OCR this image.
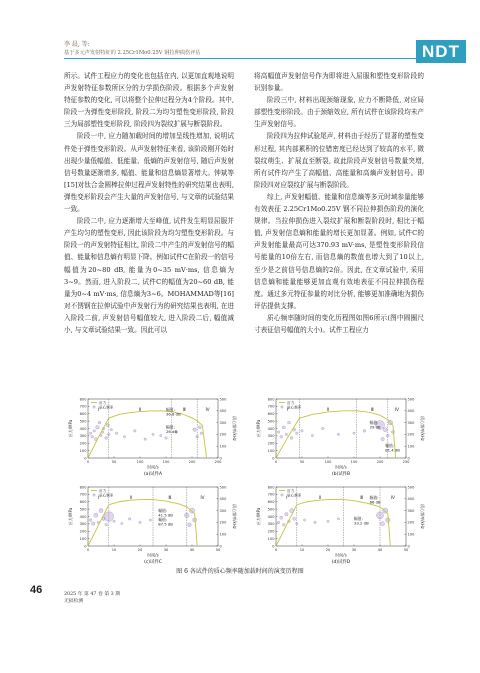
李 晨, 等:
基于多元声发射特征的 2.25Cr1Mo0.25V 钢拉伸损伤评估	NDT

所示。试件工程应力的变化也包括在内, 以更加直观地说明声发射特征参数所区分的力学损伤阶段。根据多个声发射特征参数的变化, 可以将整个拉伸过程分为4个阶段。其中, 阶段一为弹性变形阶段, 阶段二为均匀塑性变形阶段, 阶段三为局部塑性变形阶段, 阶段四为裂纹扩展与断裂阶段。

阶段一中, 应力随加载时间的增加呈线性增加, 说明试件处于弹性变形阶段。从声发射特征来看, 该阶段刚开始时出现少量低幅值、低能量、低熵的声发射信号, 随后声发射信号数量逐渐增多, 幅值、能量和信息熵显著增大。钟斌等[15]对钛合金圆棒拉伸过程声发射特性的研究结果也表明, 弹性变形阶段会产生大量的声发射信号, 与文章的试验结果一致。

阶段二中, 应力逐渐增大至峰值, 试件发生明显屈服并产生均匀的塑性变形, 因此该阶段为均匀塑性变形阶段。与阶段一的声发射特征相比, 阶段二中产生的声发射信号的幅值、能量和信息熵有明显下降。例如试件C在阶段一的信号幅值为20~80 dB, 能量为0~35 mV·ms, 信息熵为3~9。然而, 进入阶段二, 试件C的幅值为20~60 dB, 能量为0~4 mV·ms, 信息熵为3~6。MOHAMMAD等[16]对不锈钢在拉伸试验中声发射行为的研究结果也表明, 在进入阶段二前, 声发射信号幅值较大, 进入阶段二后, 幅值减小, 与文章试验结果一致。因此可以

将高幅值声发射信号作为即将进入屈服和塑性变形阶段的识别参量。

阶段三中, 材料出现颈缩现象, 应力不断降低, 对应局部塑性变形阶段。由于颈缩效应, 所有试件在该阶段均未产生声发射信号。

阶段四为拉伸试验尾声, 材料由于经历了显著的塑性变形过程, 其内部累积的位错密度已经达到了较高的水平, 微裂纹萌生、扩展直至断裂, 故此阶段声发射信号数量突增, 所有试件均产生了高幅值、高能量和高熵声发射信号。即阶段四对应裂纹扩展与断裂阶段。

综上, 声发射幅值、能量和信息熵等多元时域参量能够有效表征 2.25Cr1Mo0.25V 钢不同拉伸损伤阶段的演化规律。当拉伸损伤进入裂纹扩展和断裂阶段时, 相比于幅值, 声发射信息熵和能量的增长更加显著。例如, 试件C的声发射能量最高可达370.93 mV·ms, 是塑性变形阶段信号能量的10倍左右, 而信息熵的数值也增大到了10以上, 至少是之前信号信息熵的2倍。因此, 在文章试验中, 采用信息熵和能量能够更加直观有效地表征不同拉伸损伤程度。通过多元特征参量的对比分析, 能够更加准确地为损伤评估提供支撑。

质心频率随时间的变化历程图如图6所示(图中圆圈尺寸表征信号幅值的大小)。试件工程应力

Ⅰ	Ⅱ	Ⅲ	Ⅳ
0
100
200
300
400
500
600
700
800
0
100
200
300
400
500
0	50	100	150	200	250
应力/MPa	质心频率/kHz
时间/s
(a)试件A
幅值:
36.8 dB
幅值:
26 dB
应力
质心频率
Ⅰ	Ⅱ	Ⅲ	Ⅳ
0
100
200
300
400
500
600
700
800
0
100
200
300
400
500
0	50	100	150	200	250
应力/MPa	质心频率/kHz
时间/s
(b)试件B
幅值:
29 dB
幅值:
81.4 dB
应力
质心频率
Ⅰ	Ⅱ	Ⅲ	Ⅳ
0
100
200
300
400
500
600
700
800
0
100
200
300
400
500
0	10	20	30	40	50
应力/MPa	质心频率/kHz
时间/s
(c)试件C
幅值:
41.5 dB
幅值:
87.5 dB
应力
质心频率
Ⅰ	Ⅱ	Ⅲ	Ⅳ
0
100
200
300
400
500
600
700
800
0
100
200
300
400
500
0	10	20	30	40	50
应力/MPa	质心频率/kHz
时间/s
(d)试件D
幅值:
66 dB
幅值:
33.2 dB
应力
质心频率
图 6 各试件的质心频率随加载时间的演变历程图
46	2025 年 第 47 卷 第 3 期
无损检测
